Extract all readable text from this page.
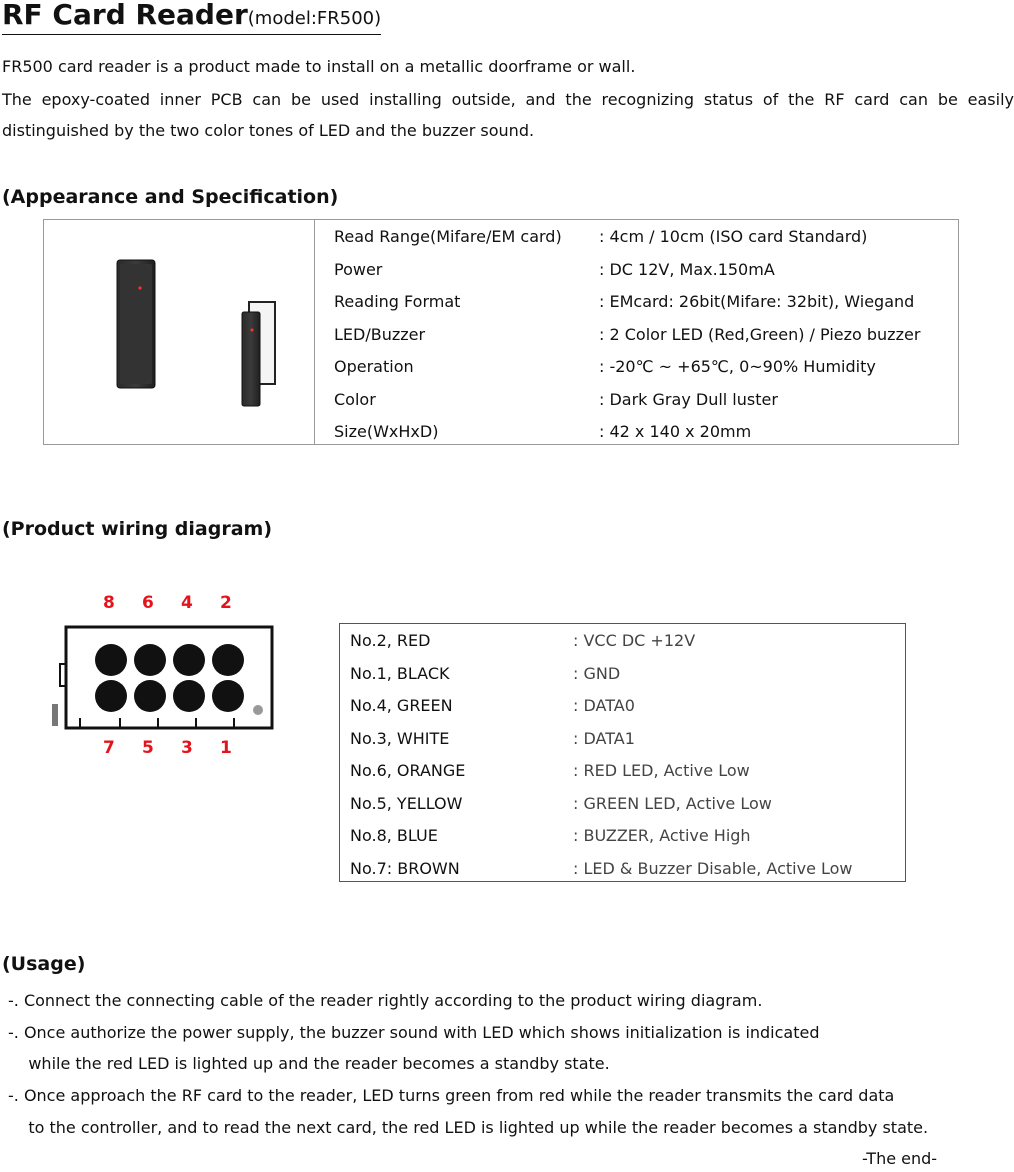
RF Card Reader(model:FR500)
FR500 card reader is a product made to install on a metallic doorframe or wall.
The epoxy-coated inner PCB can be used installing outside, and the recognizing status of the RF card can be easily
distinguished by the two color tones of LED and the buzzer sound.
(Appearance and Specification)
Read Range(Mifare/EM card) : 4cm / 10cm (ISO card Standard)
Power	: DC 12V, Max.150mA
Reading Format	: EMcard: 26bit(Mifare: 32bit), Wiegand
LED/Buzzer	: 2 Color LED (Red,Green) / Piezo buzzer
Operation	: -20℃ ~ +65℃, 0~90% Humidity
Color	: Dark Gray Dull luster
Size(WxHxD)	: 42 x 140 x 20mm
(Product wiring diagram)
8 6 4 2
7 5 3 1
No.2, RED	: VCC DC +12V
No.1, BLACK	: GND
No.4, GREEN	: DATA0
No.3, WHITE	: DATA1
No.6, ORANGE	: RED LED, Active Low
No.5, YELLOW	: GREEN LED, Active Low
No.8, BLUE	: BUZZER, Active High
No.7: BROWN	: LED & Buzzer Disable, Active Low
(Usage)
-. Connect the connecting cable of the reader rightly according to the product wiring diagram.
-. Once authorize the power supply, the buzzer sound with LED which shows initialization is indicated
while the red LED is lighted up and the reader becomes a standby state.
-. Once approach the RF card to the reader, LED turns green from red while the reader transmits the card data
to the controller, and to read the next card, the red LED is lighted up while the reader becomes a standby state.
-The end-
